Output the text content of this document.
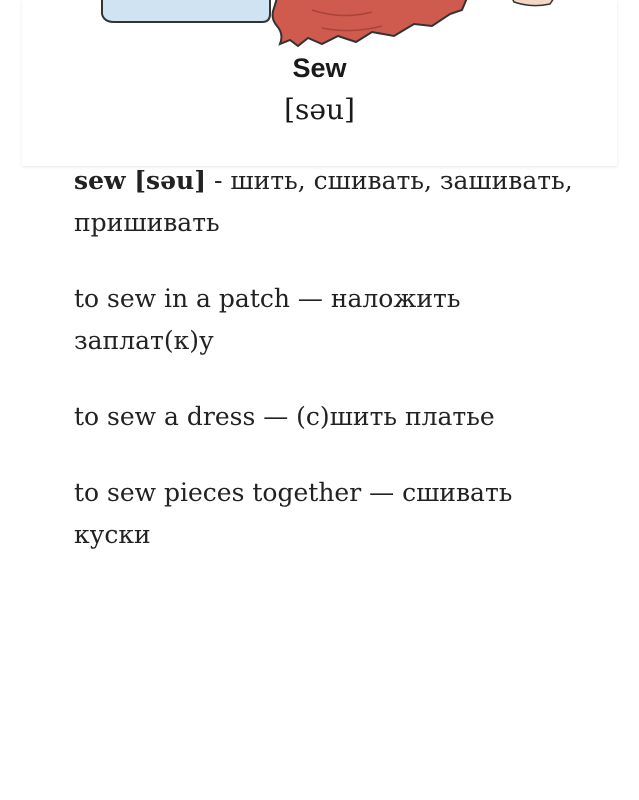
Sew
[səu]

sew [səu] - шить, сшивать, зашивать, пришивать

to sew in a patch — наложить заплат(к)у

to sew a dress — (с)шить платье

to sew pieces together — сшивать куски
